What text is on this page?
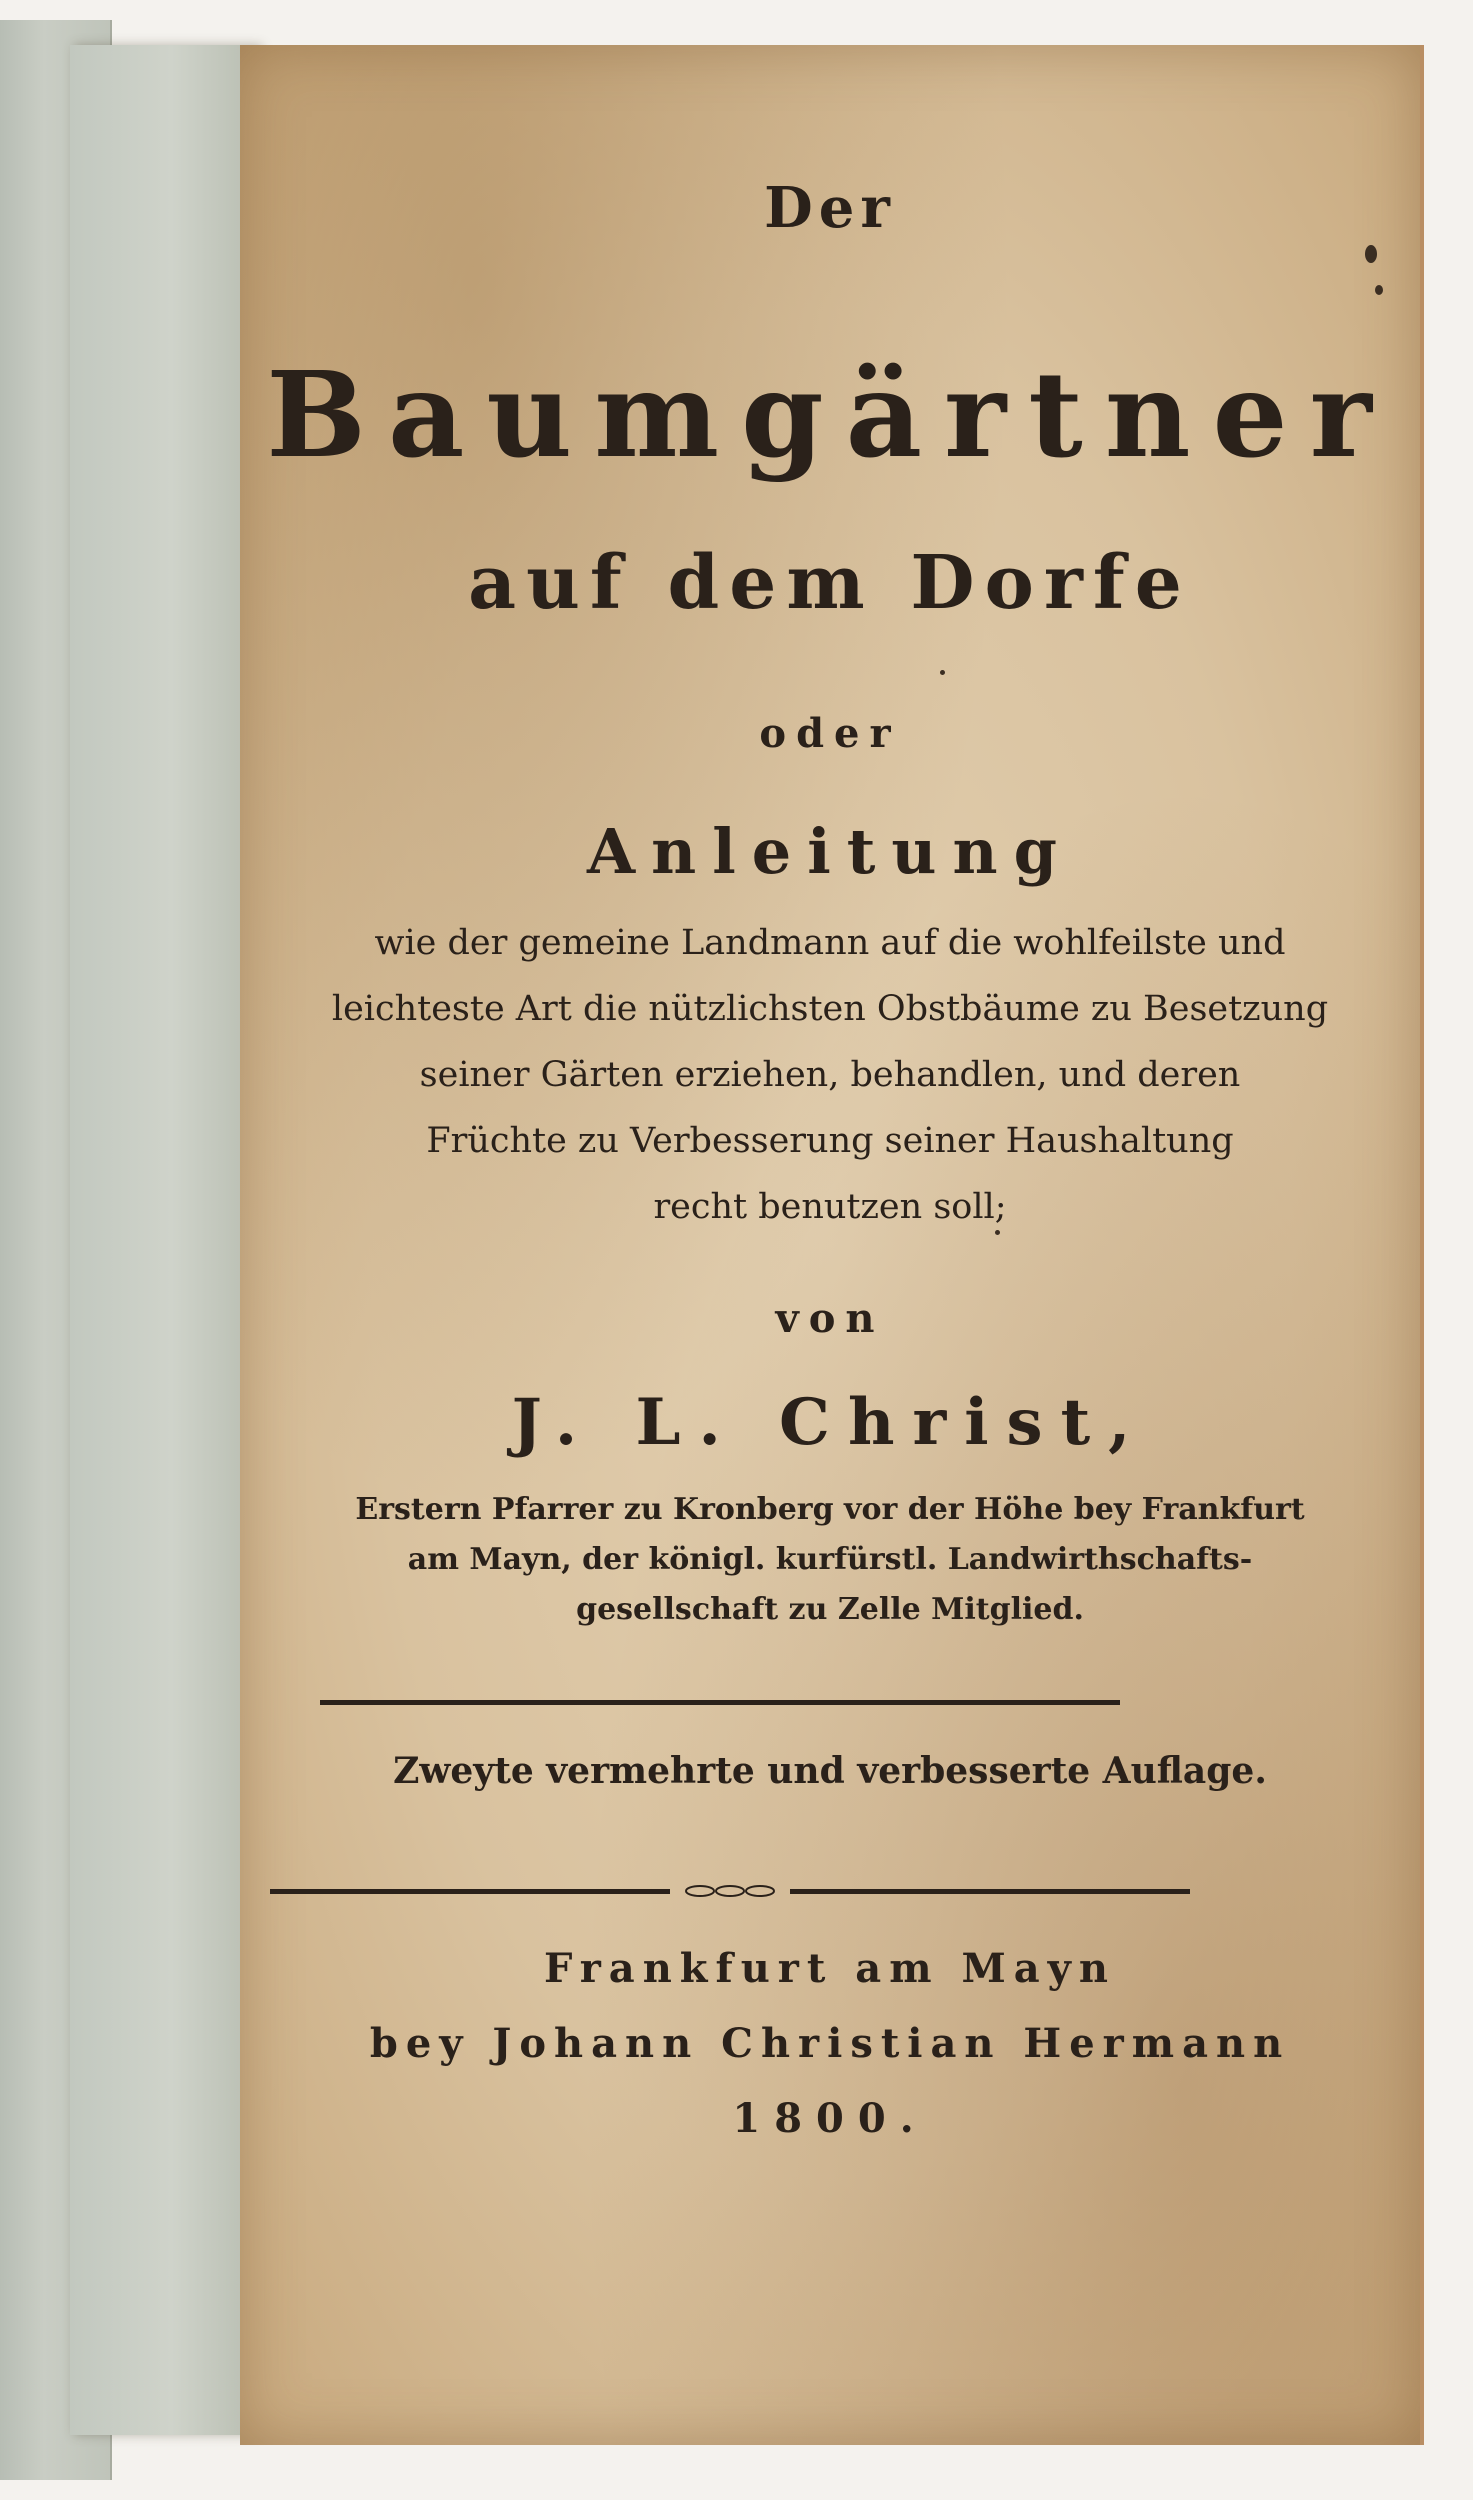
Der
Baumgärtner
auf dem Dorfe
oder
Anleitung
wie der gemeine Landmann auf die wohlfeilste und
leichteste Art die nützlichsten Obstbäume zu Besetzung
seiner Gärten erziehen, behandlen, und deren
Früchte zu Verbesserung seiner Haushaltung
recht benutzen soll;
von
J. L. Christ,
Erstern Pfarrer zu Kronberg vor der Höhe bey Frankfurt
am Mayn, der königl. kurfürstl. Landwirthschafts-
gesellschaft zu Zelle Mitglied.
Zweyte vermehrte und verbesserte Auflage.
Frankfurt am Mayn
bey Johann Christian Hermann
1800.
